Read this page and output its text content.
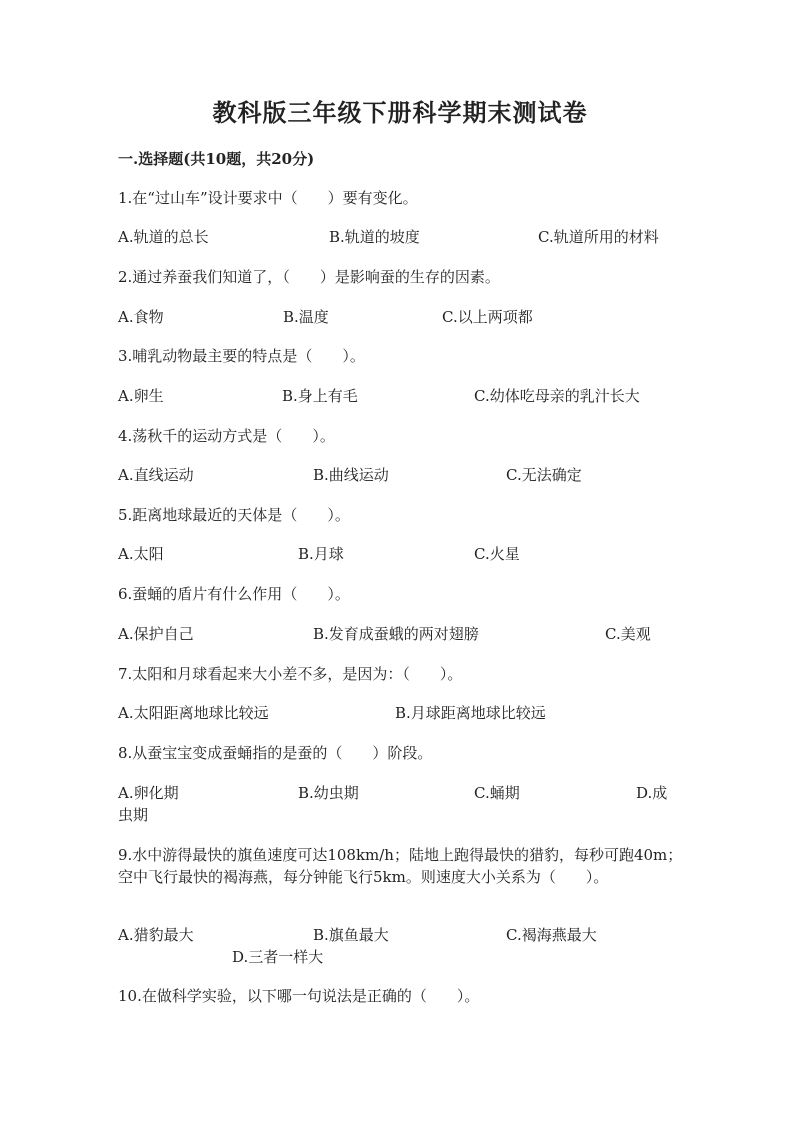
教科版三年级下册科学期末测试卷
一.选择题(共10题，共20分)
1.在“过山车”设计要求中（　　）要有变化。
A.轨道的总长	B.轨道的坡度	C.轨道所用的材料
2.通过养蚕我们知道了，（　　）是影响蚕的生存的因素。
A.食物	B.温度	C.以上两项都
3.哺乳动物最主要的特点是（　　）。
A.卵生	B.身上有毛	C.幼体吃母亲的乳汁长大
4.荡秋千的运动方式是（　　）。
A.直线运动	B.曲线运动	C.无法确定
5.距离地球最近的天体是（　　）。
A.太阳	B.月球	C.火星
6.蚕蛹的盾片有什么作用（　　）。
A.保护自己	B.发育成蚕蛾的两对翅膀	C.美观
7.太阳和月球看起来大小差不多，是因为：（　　）。
A.太阳距离地球比较远	B.月球距离地球比较远
8.从蚕宝宝变成蚕蛹指的是蚕的（　　）阶段。
A.卵化期	B.幼虫期	C.蛹期	D.成
虫期
9.水中游得最快的旗鱼速度可达108km/h；陆地上跑得最快的猎豹，每秒可跑40m；空中飞行最快的褐海燕，每分钟能飞行5km。则速度大小关系为（　　）。
A.猎豹最大	B.旗鱼最大	C.褐海燕最大
D.三者一样大
10.在做科学实验，以下哪一句说法是正确的（　　）。
